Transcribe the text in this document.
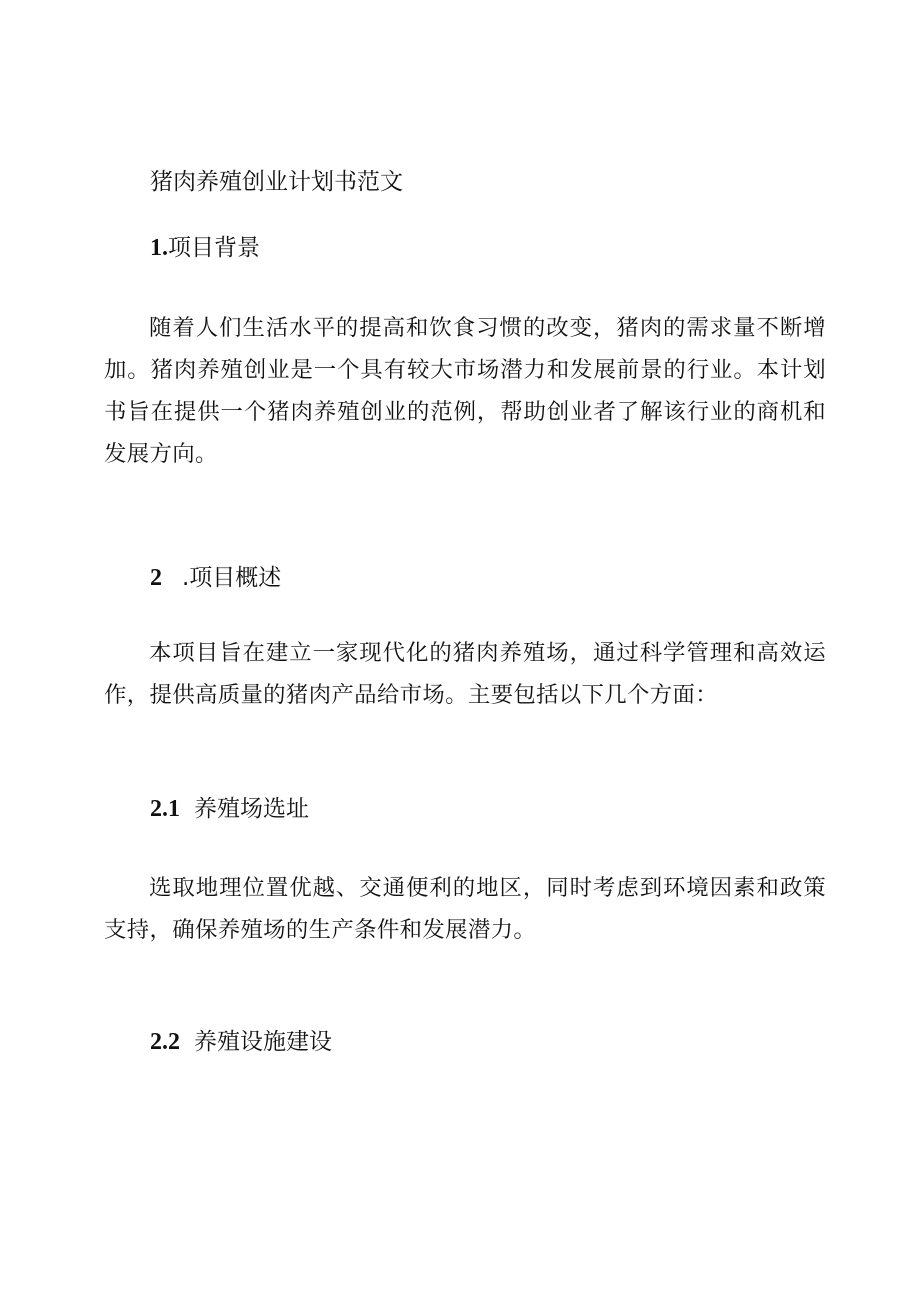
猪肉养殖创业计划书范文
1.项目背景

随着人们生活水平的提高和饮食习惯的改变，猪肉的需求量不断增加。猪肉养殖创业是一个具有较大市场潜力和发展前景的行业。本计划书旨在提供一个猪肉养殖创业的范例，帮助创业者了解该行业的商机和发展方向。

2 .项目概述

本项目旨在建立一家现代化的猪肉养殖场，通过科学管理和高效运作，提供高质量的猪肉产品给市场。主要包括以下几个方面：

2.1 养殖场选址

选取地理位置优越、交通便利的地区，同时考虑到环境因素和政策支持，确保养殖场的生产条件和发展潜力。

2.2 养殖设施建设
